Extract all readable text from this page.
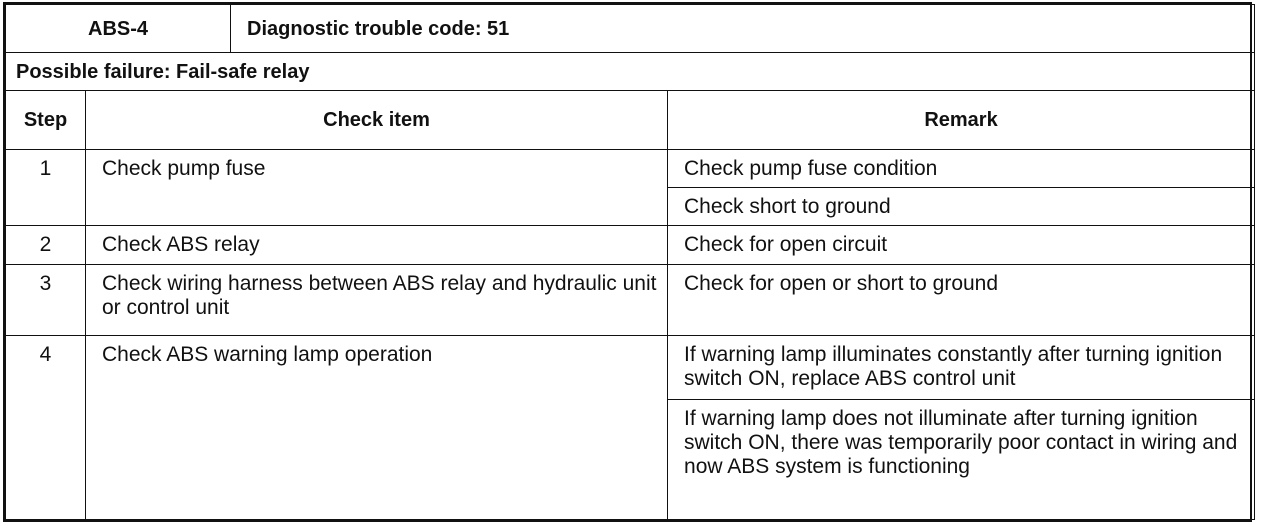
ABS-4		Diagnostic trouble code: 51	
Possible failure: Fail-safe relay			
Step	Check item		Remark
1	Check pump fuse		Check pump fuse condition
			Check short to ground
2	Check ABS relay		Check for open circuit
3	Check wiring harness between ABS relay and hydraulic unit or control unit		Check for open or short to ground
4	Check ABS warning lamp operation		If warning lamp illuminates constantly after turning ignition switch ON, replace ABS control unit
			If warning lamp does not illuminate after turning ignition switch ON, there was temporarily poor contact in wiring and now ABS system is functioning
